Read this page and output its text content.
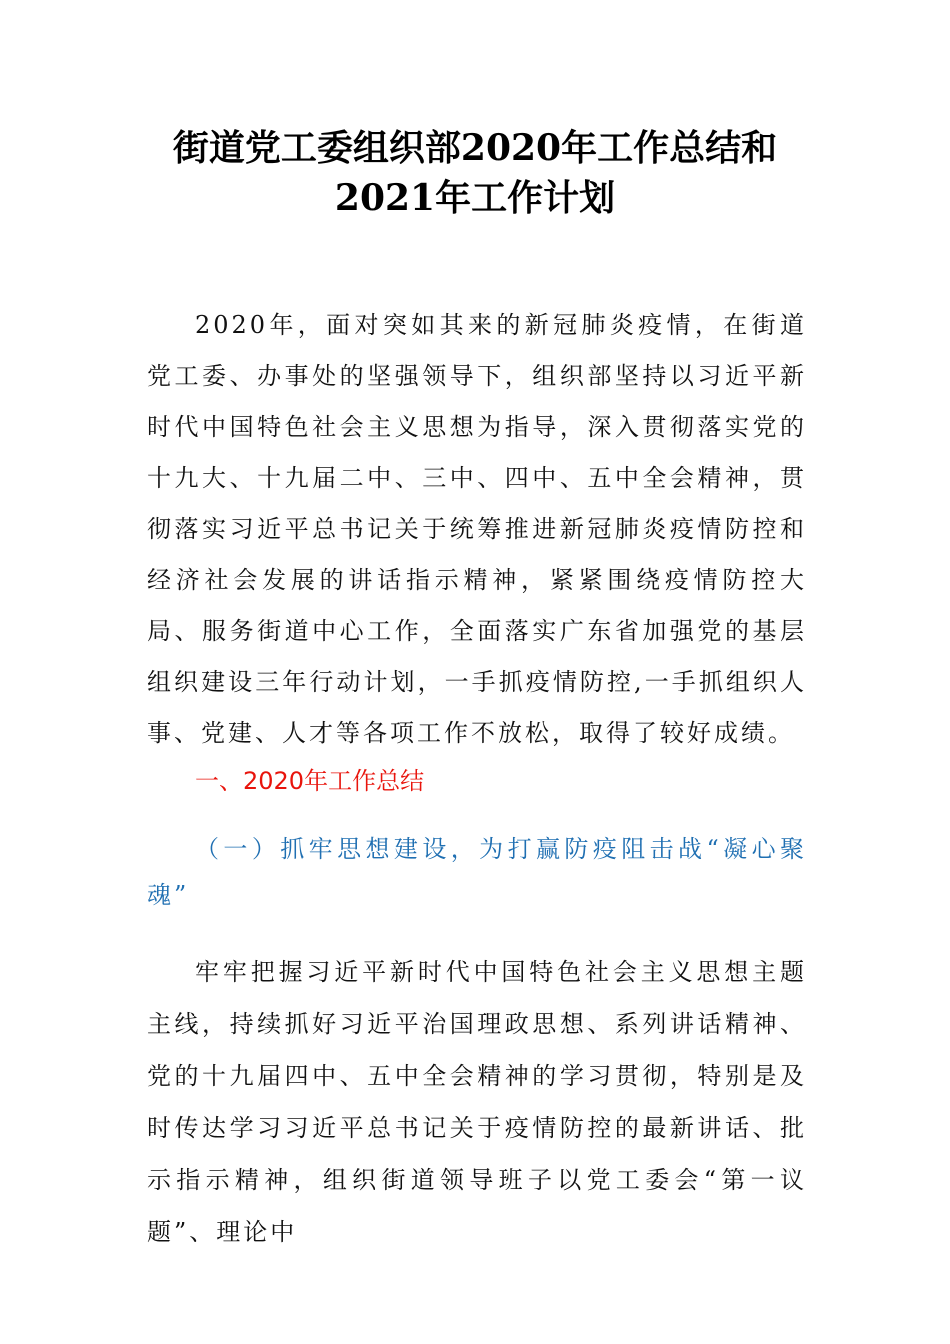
街道党工委组织部2020年工作总结和
2021年工作计划

2020年，面对突如其来的新冠肺炎疫情，在街道党工委、办事处的坚强领导下，组织部坚持以习近平新时代中国特色社会主义思想为指导，深入贯彻落实党的十九大、十九届二中、三中、四中、五中全会精神，贯彻落实习近平总书记关于统筹推进新冠肺炎疫情防控和经济社会发展的讲话指示精神，紧紧围绕疫情防控大局、服务街道中心工作，全面落实广东省加强党的基层组织建设三年行动计划，一手抓疫情防控,一手抓组织人事、党建、人才等各项工作不放松，取得了较好成绩。

一、2020年工作总结

（一）抓牢思想建设，为打赢防疫阻击战“凝心聚魂”

牢牢把握习近平新时代中国特色社会主义思想主题主线，持续抓好习近平治国理政思想、系列讲话精神、党的十九届四中、五中全会精神的学习贯彻，特别是及时传达学习习近平总书记关于疫情防控的最新讲话、批示指示精神，组织街道领导班子以党工委会“第一议题”、理论中
